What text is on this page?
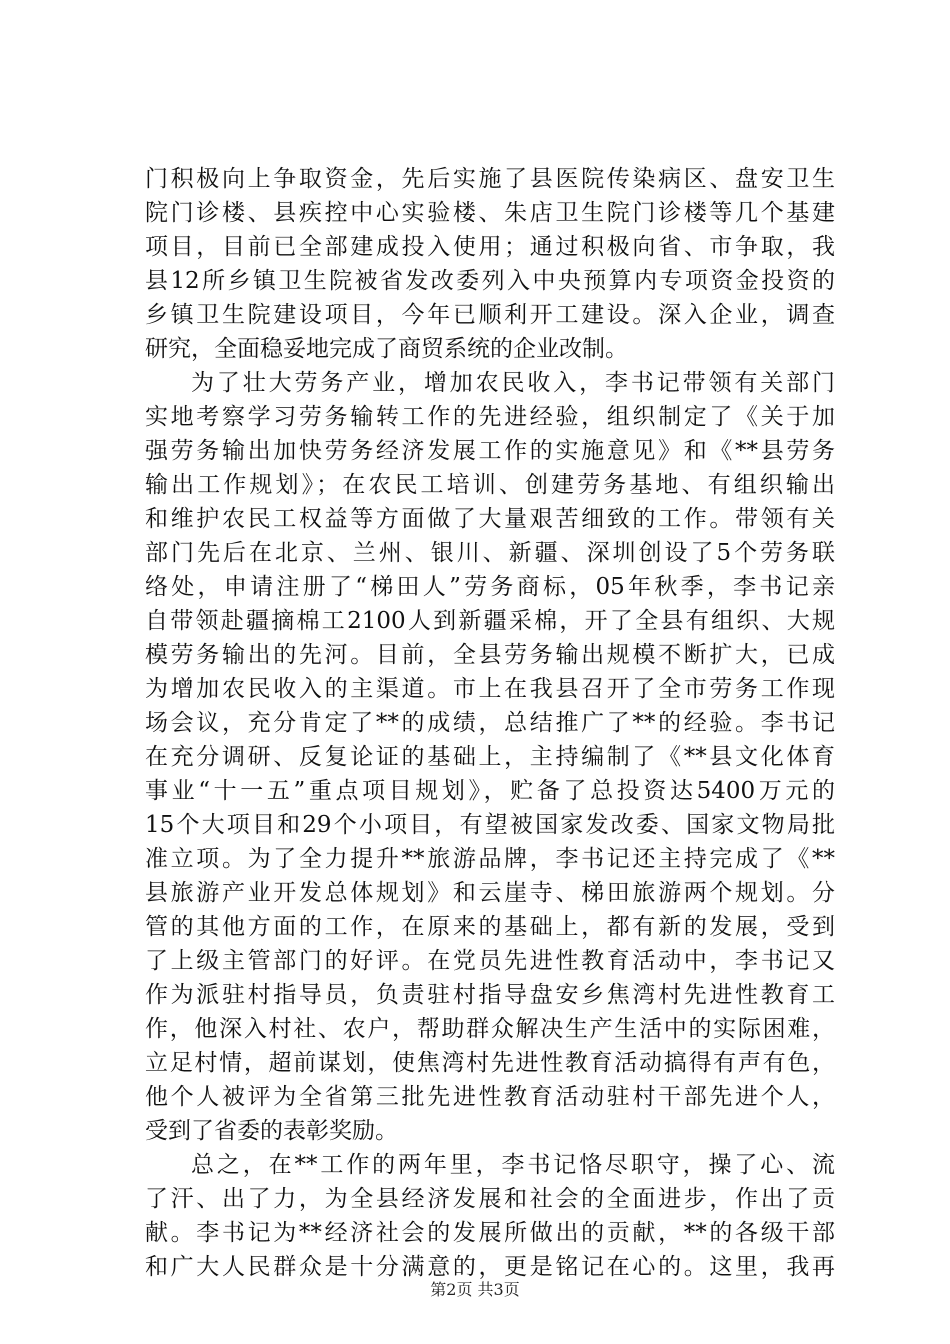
门积极向上争取资金，先后实施了县医院传染病区、盘安卫生
院门诊楼、县疾控中心实验楼、朱店卫生院门诊楼等几个基建
项目，目前已全部建成投入使用；通过积极向省、市争取，我
县12所乡镇卫生院被省发改委列入中央预算内专项资金投资的
乡镇卫生院建设项目，今年已顺利开工建设。深入企业，调查
研究，全面稳妥地完成了商贸系统的企业改制。
为了壮大劳务产业，增加农民收入，李书记带领有关部门
实地考察学习劳务输转工作的先进经验，组织制定了《关于加
强劳务输出加快劳务经济发展工作的实施意见》和《**县劳务
输出工作规划》；在农民工培训、创建劳务基地、有组织输出
和维护农民工权益等方面做了大量艰苦细致的工作。带领有关
部门先后在北京、兰州、银川、新疆、深圳创设了5个劳务联
络处，申请注册了“梯田人”劳务商标，05年秋季，李书记亲
自带领赴疆摘棉工2100人到新疆采棉，开了全县有组织、大规
模劳务输出的先河。目前，全县劳务输出规模不断扩大，已成
为增加农民收入的主渠道。市上在我县召开了全市劳务工作现
场会议，充分肯定了**的成绩，总结推广了**的经验。李书记
在充分调研、反复论证的基础上，主持编制了《**县文化体育
事业“十一五”重点项目规划》，贮备了总投资达5400万元的
15个大项目和29个小项目，有望被国家发改委、国家文物局批
准立项。为了全力提升**旅游品牌，李书记还主持完成了《**
县旅游产业开发总体规划》和云崖寺、梯田旅游两个规划。分
管的其他方面的工作，在原来的基础上，都有新的发展，受到
了上级主管部门的好评。在党员先进性教育活动中，李书记又
作为派驻村指导员，负责驻村指导盘安乡焦湾村先进性教育工
作，他深入村社、农户，帮助群众解决生产生活中的实际困难，
立足村情，超前谋划，使焦湾村先进性教育活动搞得有声有色，
他个人被评为全省第三批先进性教育活动驻村干部先进个人，
受到了省委的表彰奖励。
总之，在**工作的两年里，李书记恪尽职守，操了心、流
了汗、出了力，为全县经济发展和社会的全面进步，作出了贡
献。李书记为**经济社会的发展所做出的贡献，**的各级干部
和广大人民群众是十分满意的，更是铭记在心的。这里，我再
第2页 共3页
